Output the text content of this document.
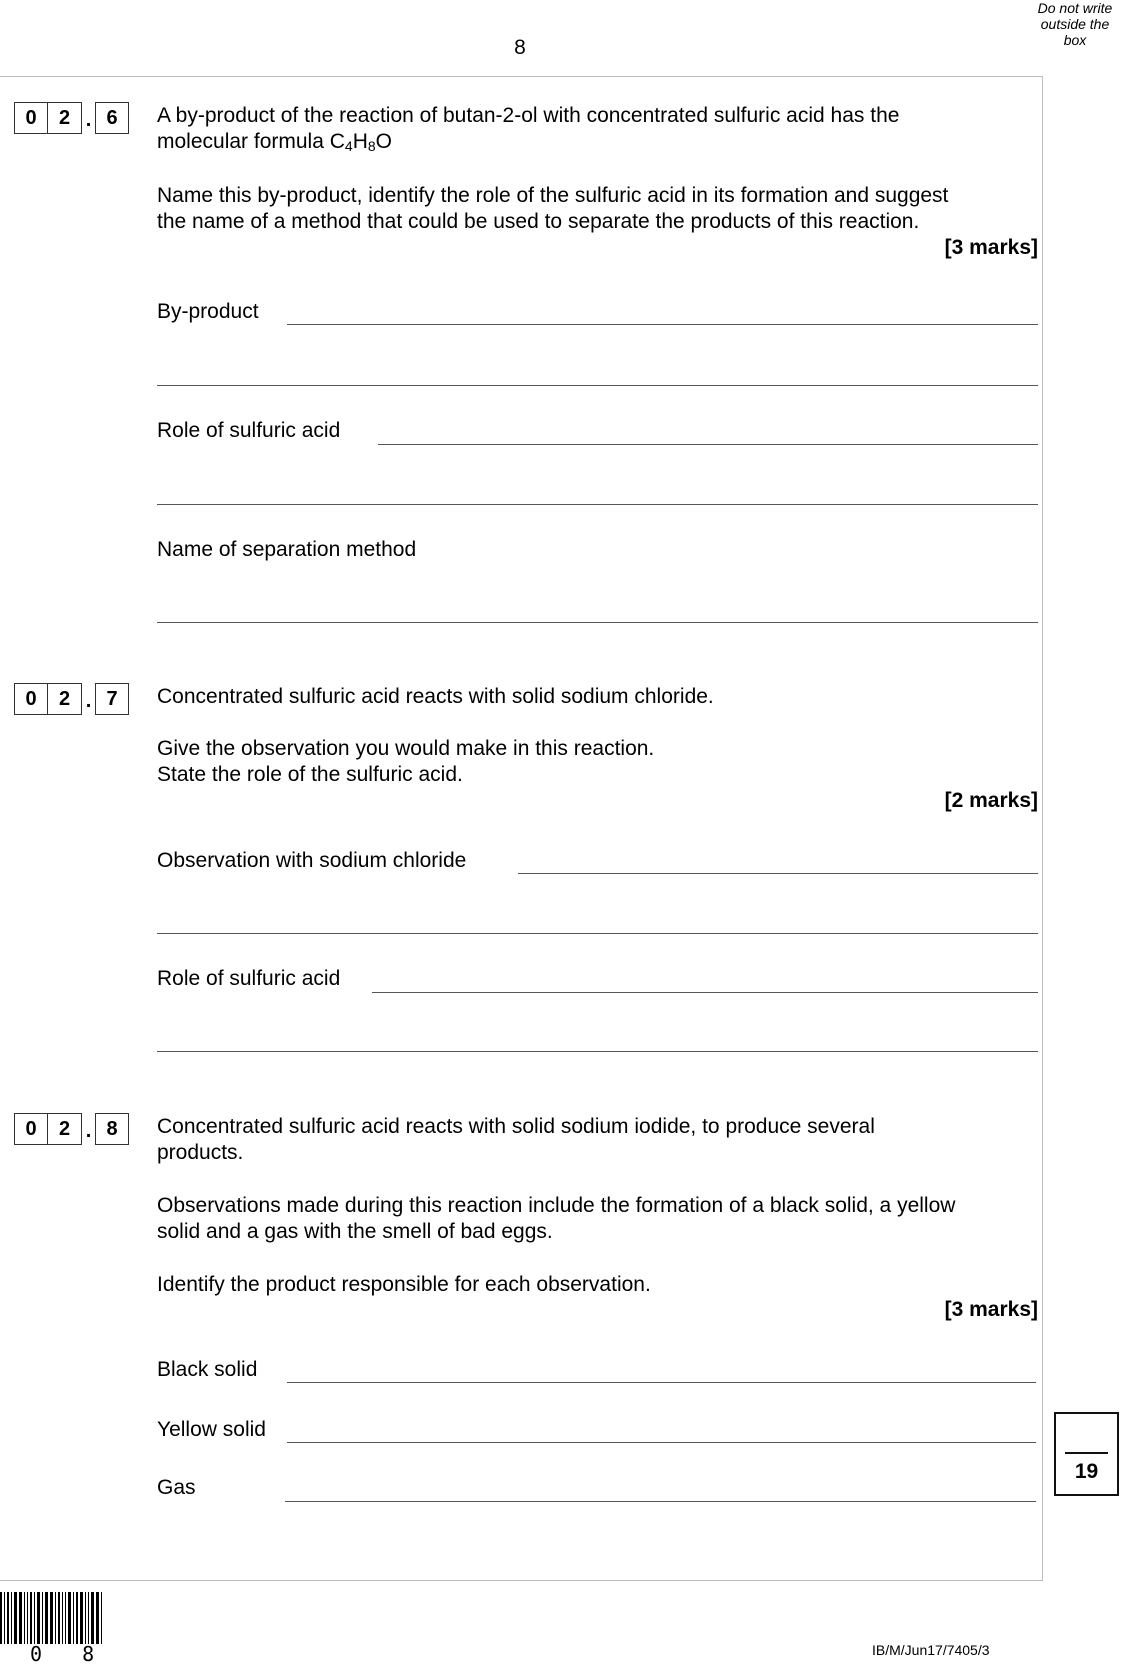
Do not write outside the box
8
0	2 . 6	A by-product of the reaction of butan-2-ol with concentrated sulfuric acid has the
molecular formula $C_4H_8O$
Name this by-product, identify the role of the sulfuric acid in its formation and suggest
the name of a method that could be used to separate the products of this reaction.
[3 marks]
By-product
Role of sulfuric acid
Name of separation method
0	2 . 7	Concentrated sulfuric acid reacts with solid sodium chloride.
Give the observation you would make in this reaction.
State the role of the sulfuric acid.
[2 marks]
Observation with sodium chloride
Role of sulfuric acid
0	2 . 8	Concentrated sulfuric acid reacts with solid sodium iodide, to produce several
products.
Observations made during this reaction include the formation of a black solid, a yellow
solid and a gas with the smell of bad eggs.
Identify the product responsible for each observation.
[3 marks]
Black solid
Yellow solid
Gas
19
0 8	IB/M/Jun17/7405/3
